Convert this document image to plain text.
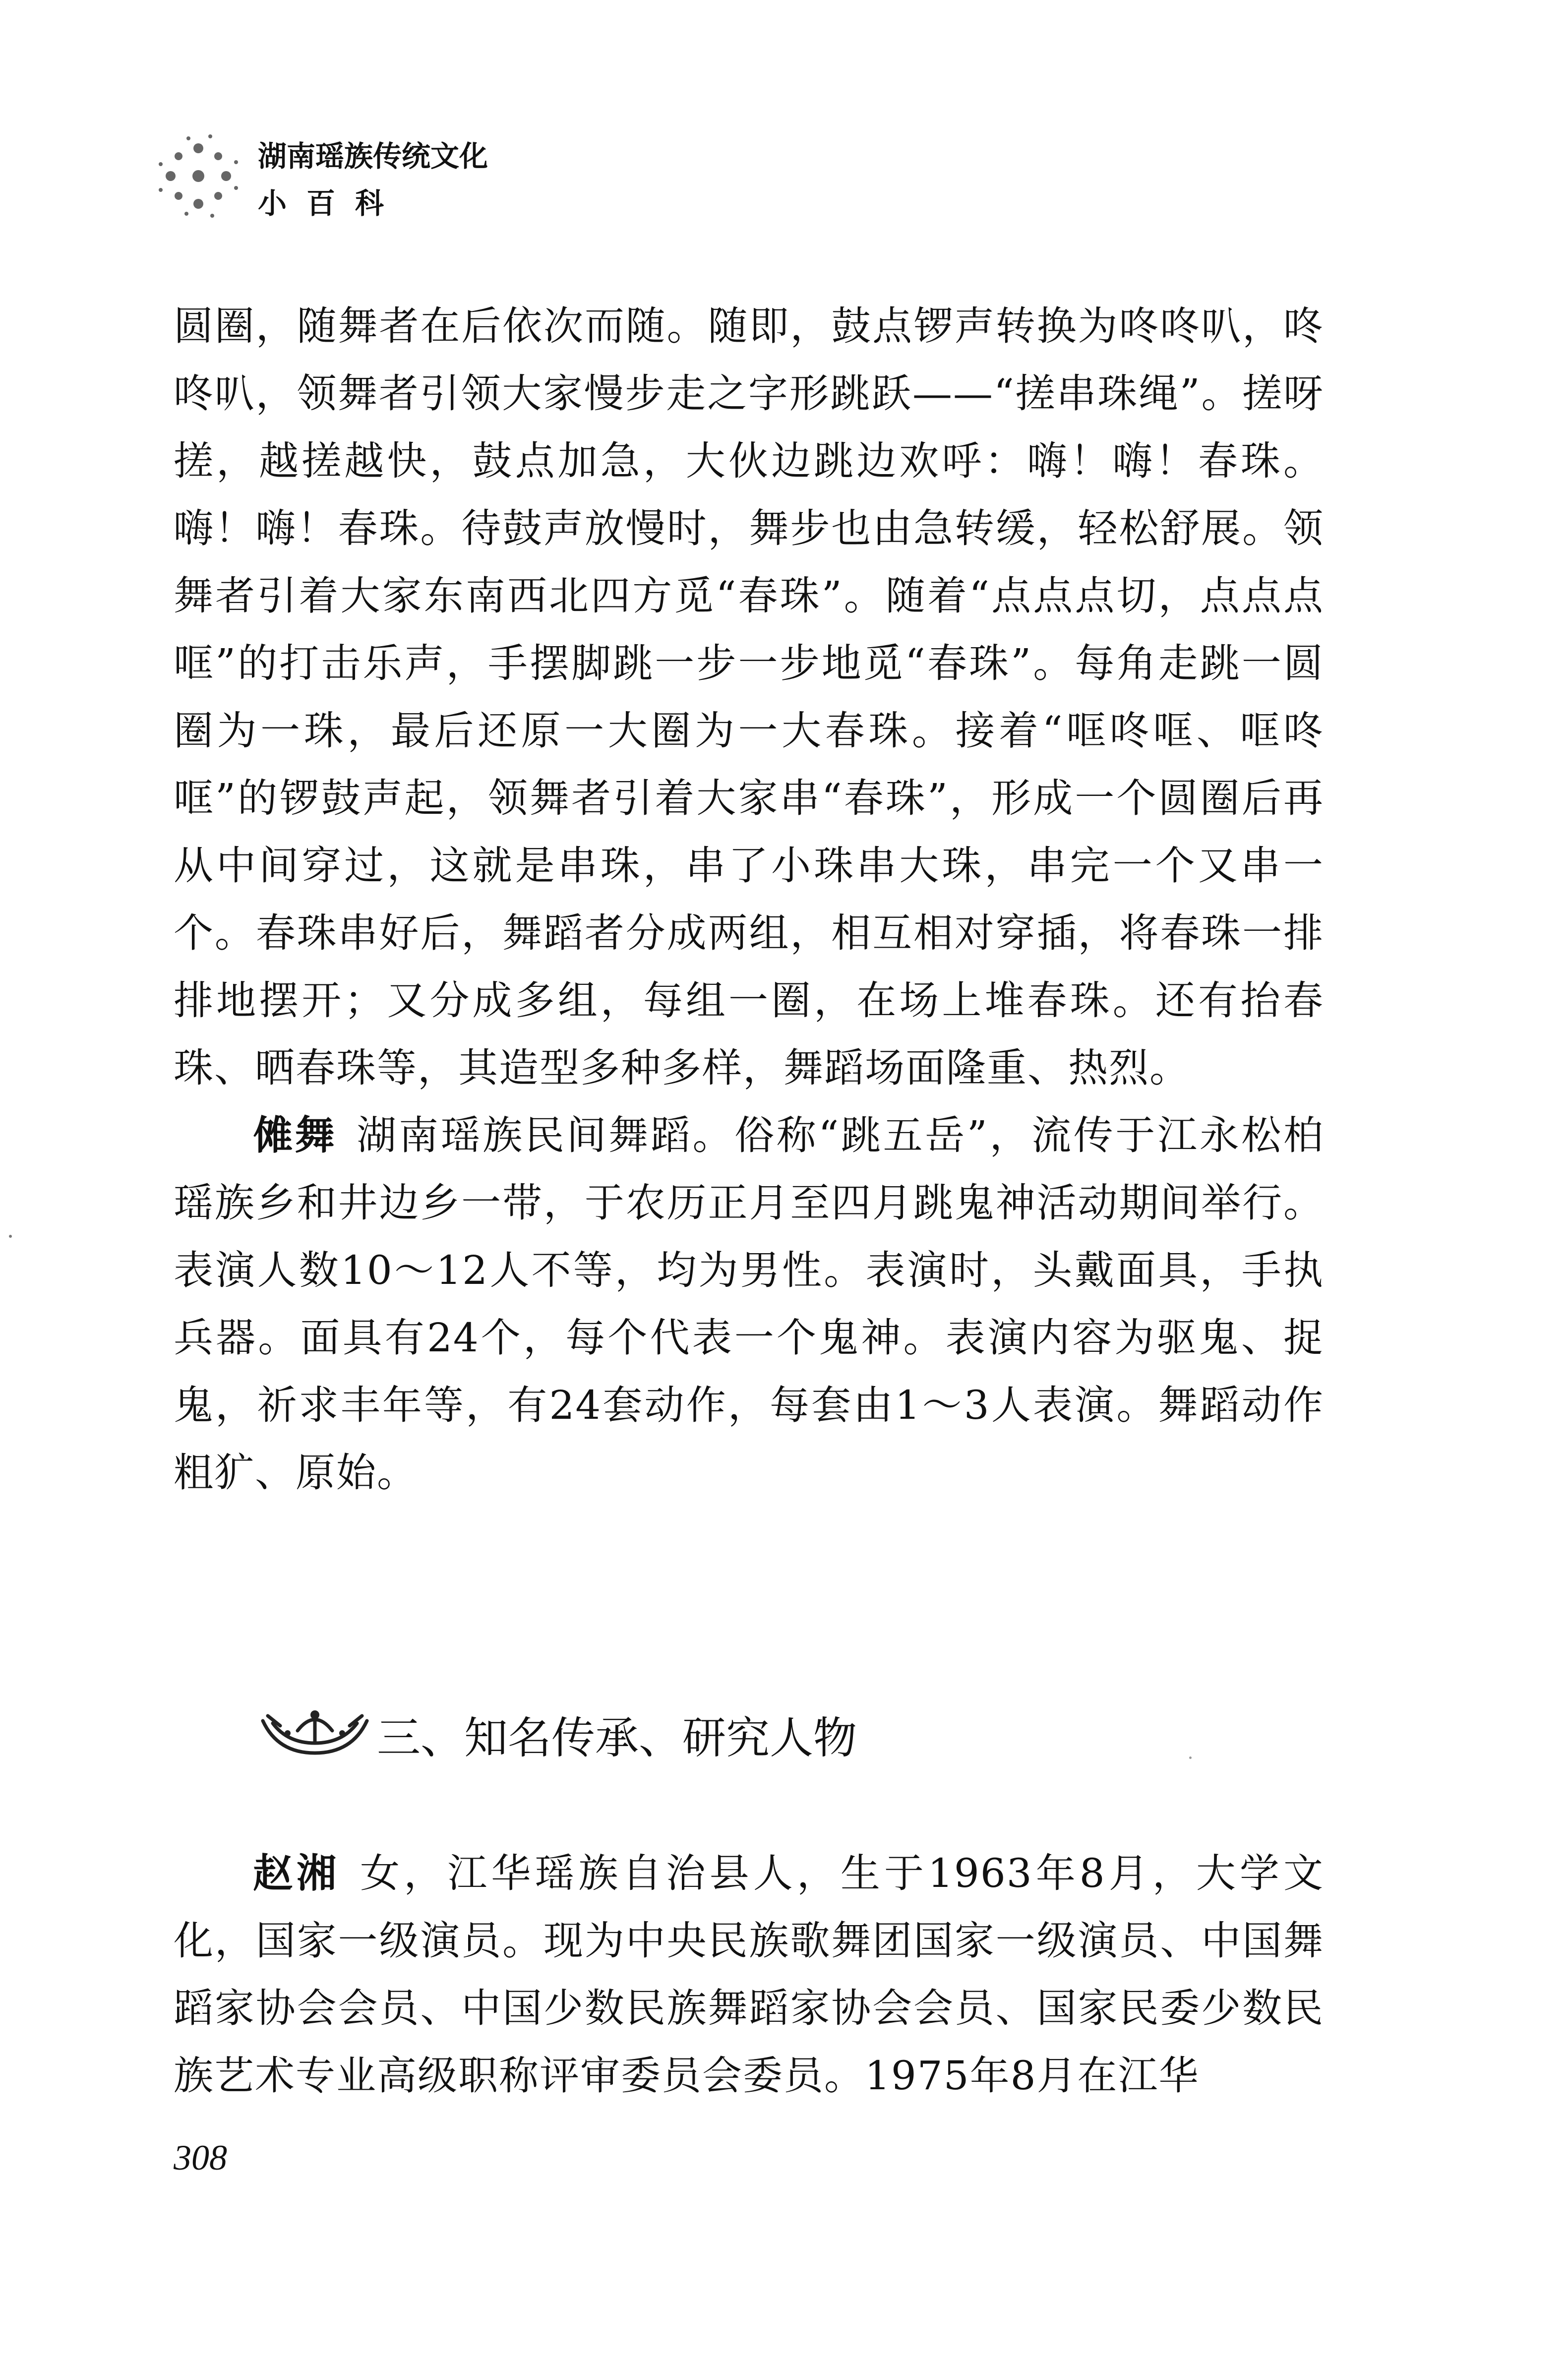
湖南瑶族传统文化
小百科

圆圈，随舞者在后依次而随。随即，鼓点锣声转换为咚咚叭，咚咚叭，领舞者引领大家慢步走之字形跳跃——“搓串珠绳”。搓呀搓，越搓越快，鼓点加急，大伙边跳边欢呼：嗨！嗨！春珠。嗨！嗨！春珠。待鼓声放慢时，舞步也由急转缓，轻松舒展。领舞者引着大家东南西北四方觅“春珠”。随着“点点点切，点点点哐”的打击乐声，手摆脚跳一步一步地觅“春珠”。每角走跳一圆圈为一珠，最后还原一大圈为一大春珠。接着“哐咚哐、哐咚哐”的锣鼓声起，领舞者引着大家串“春珠”，形成一个圆圈后再从中间穿过，这就是串珠，串了小珠串大珠，串完一个又串一个。春珠串好后，舞蹈者分成两组，相互相对穿插，将春珠一排排地摆开；又分成多组，每组一圈，在场上堆春珠。还有抬春珠、晒春珠等，其造型多种多样，舞蹈场面隆重、热烈。

傩舞 湖南瑶族民间舞蹈。俗称“跳五岳”，流传于江永松柏瑶族乡和井边乡一带，于农历正月至四月跳鬼神活动期间举行。表演人数10～12人不等，均为男性。表演时，头戴面具，手执兵器。面具有24个，每个代表一个鬼神。表演内容为驱鬼、捉鬼，祈求丰年等，有24套动作，每套由1～3人表演。舞蹈动作粗犷、原始。

三、知名传承、研究人物

赵湘 女，江华瑶族自治县人，生于1963年8月，大学文化，国家一级演员。现为中央民族歌舞团国家一级演员、中国舞蹈家协会会员、中国少数民族舞蹈家协会会员、国家民委少数民族艺术专业高级职称评审委员会委员。1975年8月在江华

308
